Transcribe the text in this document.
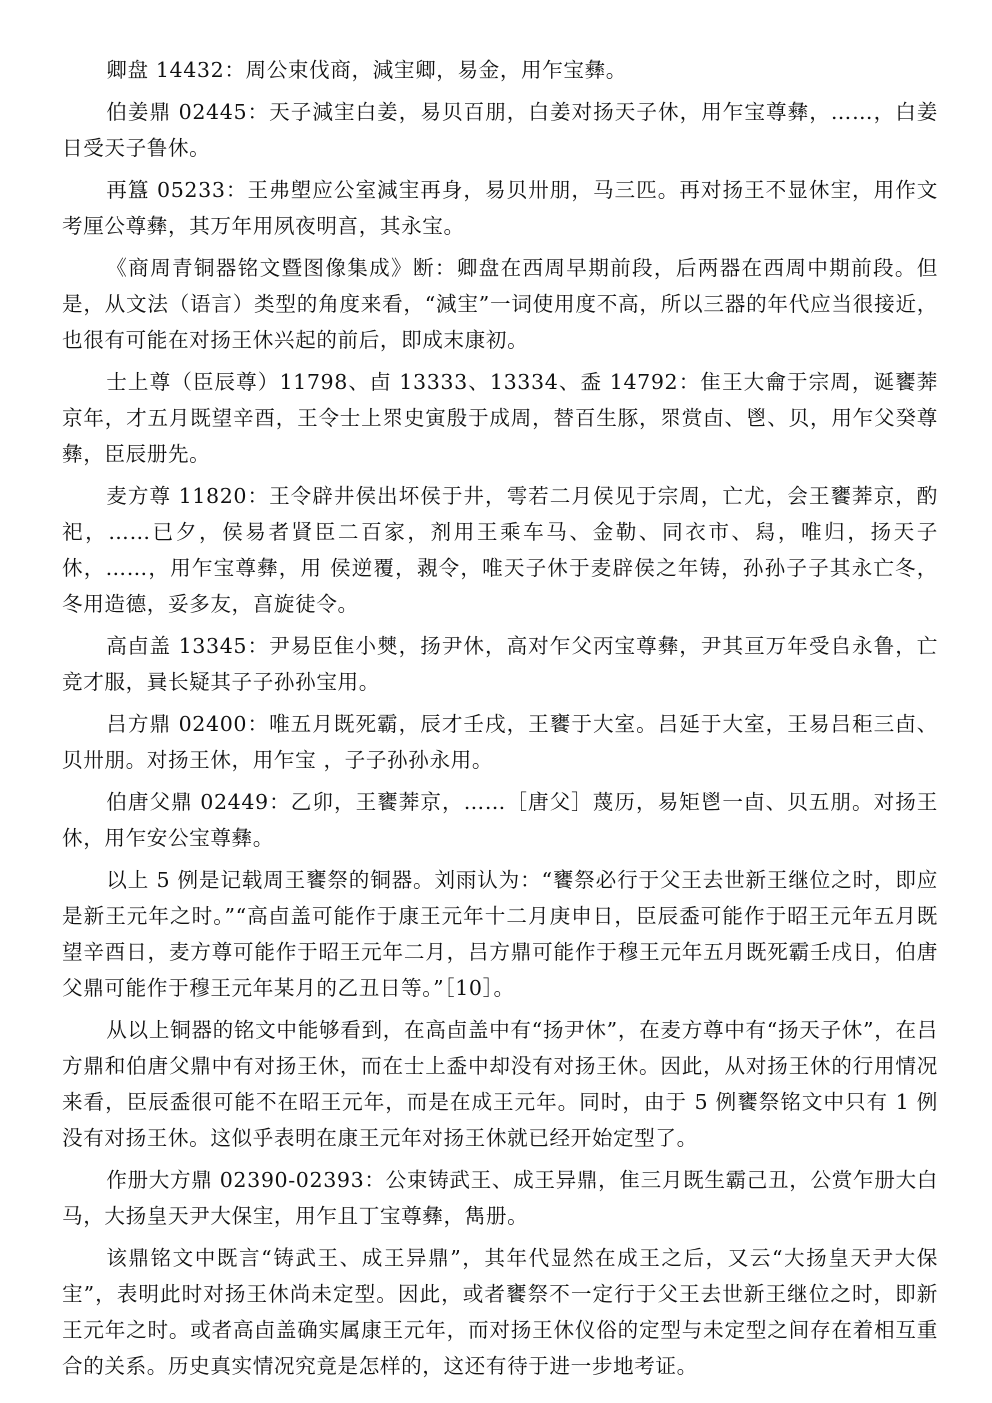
卿盘 14432：周公束伐商，減宔卿，易金，用乍宝彝。

伯姜鼎 02445：天子減宔白姜，易贝百朋，白姜对扬天子休，用乍宝尊彝，……，白姜日受天子鲁休。

再簋 05233：王弗塱应公室減宔再身，易贝卅朋，马三匹。再对扬王不显休宔，用作文考厘公尊彝，其万年用夙夜明亯，其永宝。

《商周青铜器铭文暨图像集成》断：卿盘在西周早期前段，后两器在西周中期前段。但是，从文法（语言）类型的角度来看，“減宔”一词使用度不高，所以三器的年代应当很接近，也很有可能在对扬王休兴起的前后，即成末康初。

士上尊（臣辰尊）11798、卣 13333、13334、盉 14792：隹王大龠于宗周，诞饔莾京年，才五月既望辛酉，王令士上眔史寅殷于成周，替百生豚，眔赏卣、鬯、贝，用乍父癸尊彝，臣辰册先。

麦方尊 11820：王令辟井侯出坏侯于井，雩若二月侯见于宗周，亡尤，会王饔莾京，酌祀，……已夕，侯易者䝨臣二百家，剂用王乘车马、金勒、同衣市、舄，唯归，扬天子休，……，用乍宝尊彝，用 侯逆覆，䚄令，唯天子休于麦辟侯之年铸，孙孙子子其永亡冬，冬用造德，妥多友，亯旋徒令。

高卣盖 13345：尹易臣隹小僰，扬尹休，高对乍父丙宝尊彝，尹其亘万年受𠂤永鲁，亡竞才服，㠱长疑其子子孙孙宝用。

吕方鼎 02400：唯五月既死霸，辰才壬戌，王饔于大室。吕延于大室，王易吕秬三卣、贝卅朋。对扬王休，用乍宝 ，子子孙孙永用。

伯唐父鼎 02449：乙卯，王饔莾京，……［唐父］蔑历，易矩鬯一卣、贝五朋。对扬王休，用乍安公宝尊彝。

以上 5 例是记载周王饔祭的铜器。刘雨认为：“饔祭必行于父王去世新王继位之时，即应是新王元年之时。”“高卣盖可能作于康王元年十二月庚申日，臣辰盉可能作于昭王元年五月既望辛酉日，麦方尊可能作于昭王元年二月，吕方鼎可能作于穆王元年五月既死霸壬戌日，伯唐父鼎可能作于穆王元年某月的乙丑日等。”［10］。

从以上铜器的铭文中能够看到，在高卣盖中有“扬尹休”，在麦方尊中有“扬天子休”，在吕方鼎和伯唐父鼎中有对扬王休，而在士上盉中却没有对扬王休。因此，从对扬王休的行用情况来看，臣辰盉很可能不在昭王元年，而是在成王元年。同时，由于 5 例饔祭铭文中只有 1 例没有对扬王休。这似乎表明在康王元年对扬王休就已经开始定型了。

作册大方鼎 02390-02393：公束铸武王、成王异鼎，隹三月既生霸己丑，公赏乍册大白马，大扬皇天尹大保宔，用乍且丁宝尊彝，雋册。

该鼎铭文中既言“铸武王、成王异鼎”，其年代显然在成王之后，又云“大扬皇天尹大保宔”，表明此时对扬王休尚未定型。因此，或者饔祭不一定行于父王去世新王继位之时，即新王元年之时。或者高卣盖确实属康王元年，而对扬王休仪俗的定型与未定型之间存在着相互重合的关系。历史真实情况究竟是怎样的，这还有待于进一步地考证。
